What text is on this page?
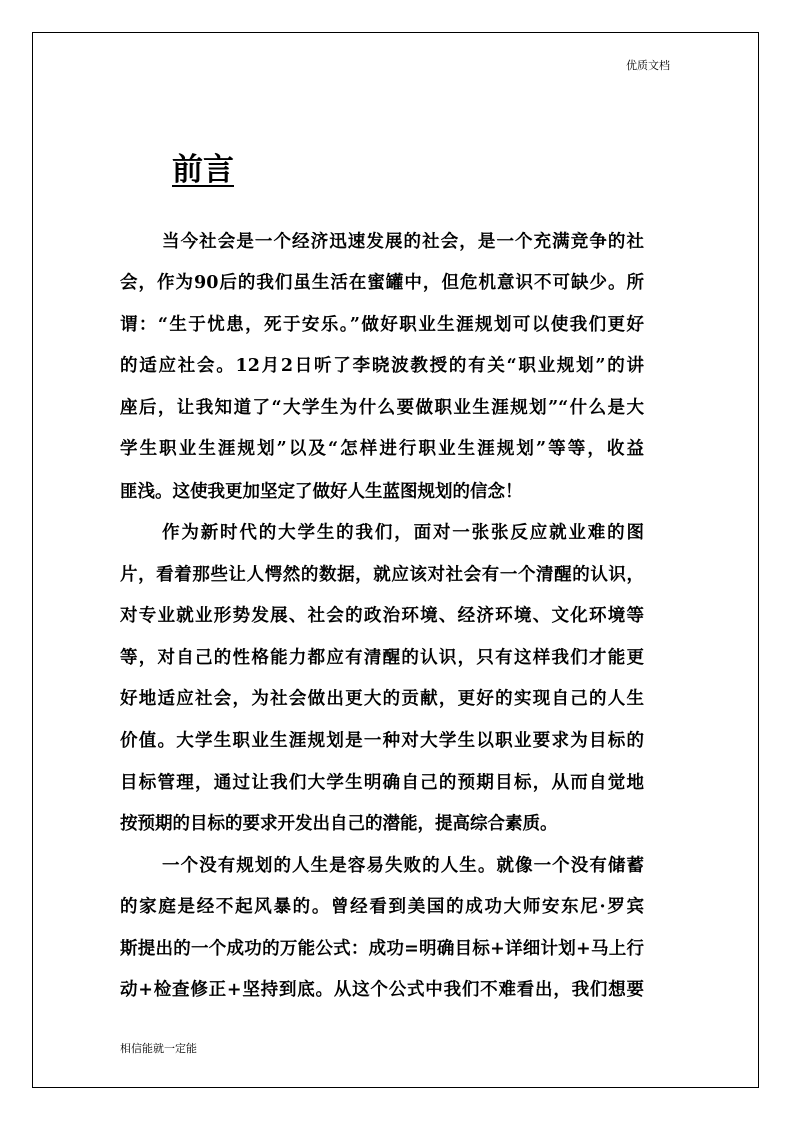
优质文档
前言
当今社会是一个经济迅速发展的社会，是一个充满竞争的社
会，作为90后的我们虽生活在蜜罐中，但危机意识不可缺少。所
谓：“生于忧患，死于安乐。”做好职业生涯规划可以使我们更好
的适应社会。12月2日听了李晓波教授的有关“职业规划”的讲
座后，让我知道了“大学生为什么要做职业生涯规划”“什么是大
学生职业生涯规划”以及“怎样进行职业生涯规划”等等，收益
匪浅。这使我更加坚定了做好人生蓝图规划的信念！
作为新时代的大学生的我们，面对一张张反应就业难的图
片，看着那些让人愕然的数据，就应该对社会有一个清醒的认识，
对专业就业形势发展、社会的政治环境、经济环境、文化环境等
等，对自己的性格能力都应有清醒的认识，只有这样我们才能更
好地适应社会，为社会做出更大的贡献，更好的实现自己的人生
价值。大学生职业生涯规划是一种对大学生以职业要求为目标的
目标管理，通过让我们大学生明确自己的预期目标，从而自觉地
按预期的目标的要求开发出自己的潜能，提高综合素质。
一个没有规划的人生是容易失败的人生。就像一个没有储蓄
的家庭是经不起风暴的。曾经看到美国的成功大师安东尼·罗宾
斯提出的一个成功的万能公式：成功=明确目标+详细计划+马上行
动+检查修正+坚持到底。从这个公式中我们不难看出，我们想要
相信能就一定能
